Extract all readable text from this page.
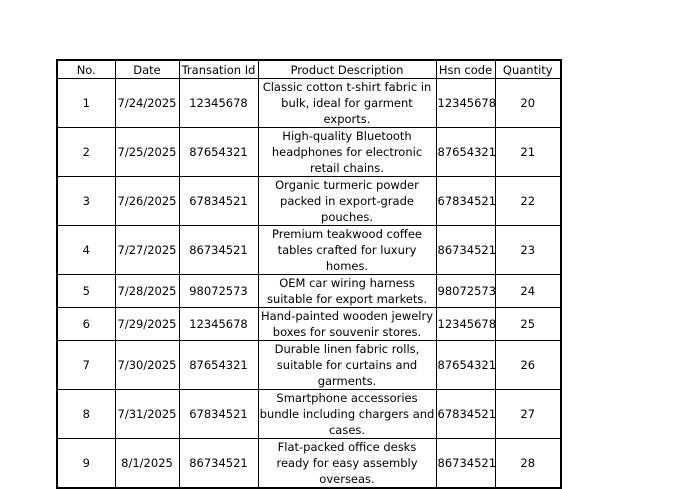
No.	Date	Transation Id	Product Description	Hsn code	Quantity
1	7/24/2025	12345678	Classic cotton t-shirt fabric in bulk, ideal for garment exports.	12345678	20
2	7/25/2025	87654321	High-quality Bluetooth headphones for electronic retail chains.	87654321	21
3	7/26/2025	67834521	Organic turmeric powder packed in export-grade pouches.	67834521	22
4	7/27/2025	86734521	Premium teakwood coffee tables crafted for luxury homes.	86734521	23
5	7/28/2025	98072573	OEM car wiring harness suitable for export markets.	98072573	24
6	7/29/2025	12345678	Hand-painted wooden jewelry boxes for souvenir stores.	12345678	25
7	7/30/2025	87654321	Durable linen fabric rolls, suitable for curtains and garments.	87654321	26
8	7/31/2025	67834521	Smartphone accessories bundle including chargers and cases.	67834521	27
9	8/1/2025	86734521	Flat-packed office desks ready for easy assembly overseas.	86734521	28
